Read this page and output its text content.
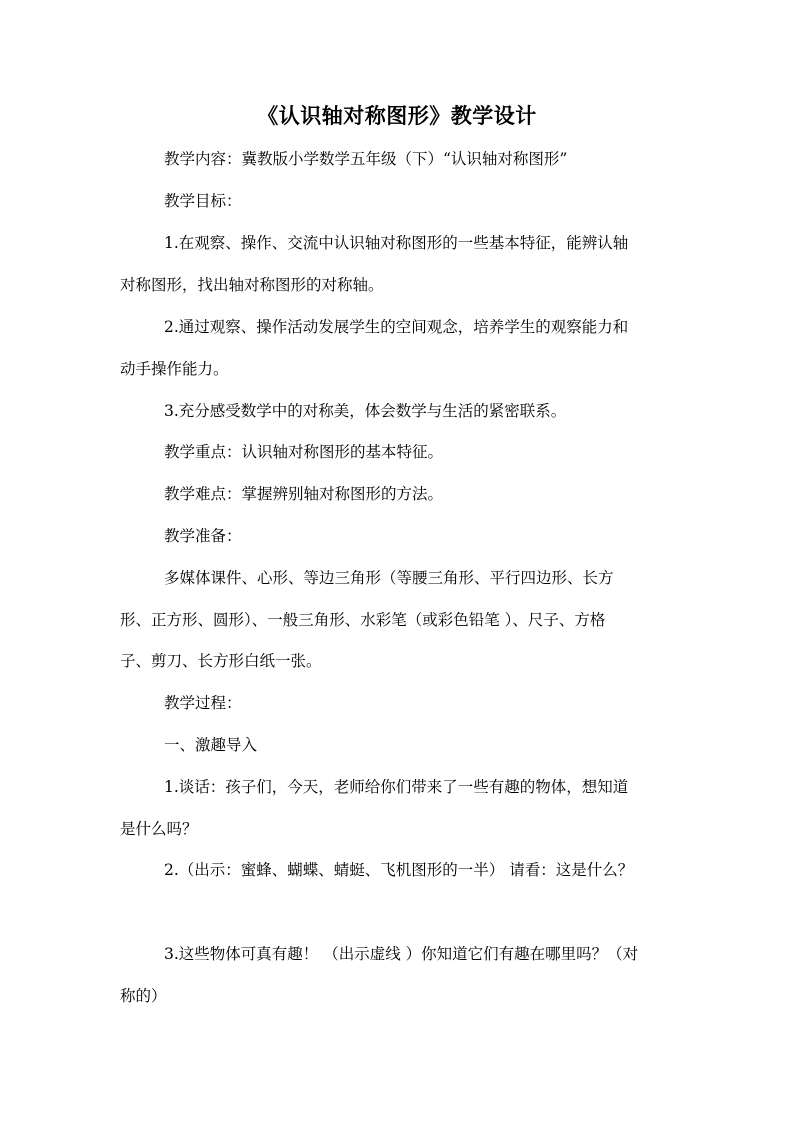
《认识轴对称图形》教学设计

教学内容：冀教版小学数学五年级（下）“认识轴对称图形”

教学目标：

1.在观察、操作、交流中认识轴对称图形的一些基本特征，能辨认轴

对称图形，找出轴对称图形的对称轴。

2.通过观察、操作活动发展学生的空间观念，培养学生的观察能力和

动手操作能力。

3.充分感受数学中的对称美，体会数学与生活的紧密联系。

教学重点：认识轴对称图形的基本特征。

教学难点：掌握辨别轴对称图形的方法。

教学准备：

多媒体课件、心形、等边三角形（等腰三角形、平行四边形、长方

形、正方形、圆形）、一般三角形、水彩笔（或彩色铅笔 ）、尺子、方格

子、剪刀、长方形白纸一张。

教学过程：

一、激趣导入

1.谈话：孩子们，今天，老师给你们带来了一些有趣的物体，想知道

是什么吗？

2.（出示：蜜蜂、蝴蝶、蜻蜓、飞机图形的一半） 请看：这是什么？

3.这些物体可真有趣！ （出示虚线 ）你知道它们有趣在哪里吗？（对

称的）
